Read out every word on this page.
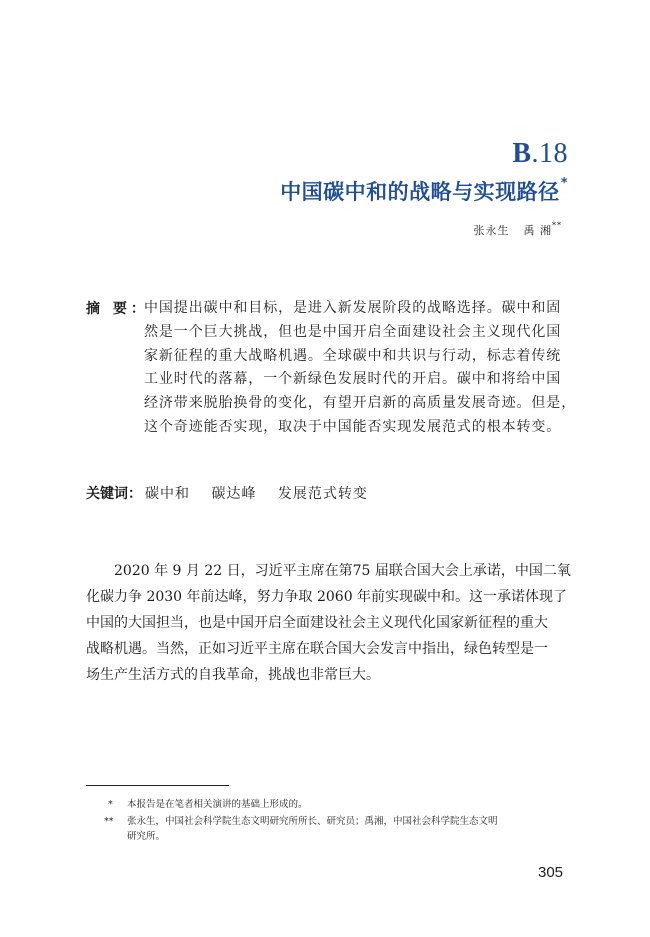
B.18
中国碳中和的战略与实现路径*
张永生 禹 湘**
摘 要：
中国提出碳中和目标，是进入新发展阶段的战略选择。碳中和固
然是一个巨大挑战，但也是中国开启全面建设社会主义现代化国
家新征程的重大战略机遇。全球碳中和共识与行动，标志着传统
工业时代的落幕，一个新绿色发展时代的开启。碳中和将给中国
经济带来脱胎换骨的变化，有望开启新的高质量发展奇迹。但是，
这个奇迹能否实现，取决于中国能否实现发展范式的根本转变。
关键词： 碳中和 碳达峰 发展范式转变
　　2020 年 9 月 22 日，习近平主席在第75 届联合国大会上承诺，中国二氧
化碳力争 2030 年前达峰，努力争取 2060 年前实现碳中和。这一承诺体现了
中国的大国担当，也是中国开启全面建设社会主义现代化国家新征程的重大
战略机遇。当然，正如习近平主席在联合国大会发言中指出，绿色转型是一
场生产生活方式的自我革命，挑战也非常巨大。
* 本报告是在笔者相关演讲的基础上形成的。
** 张永生，中国社会科学院生态文明研究所所长、研究员；禹湘，中国社会科学院生态文明
研究所。
305
